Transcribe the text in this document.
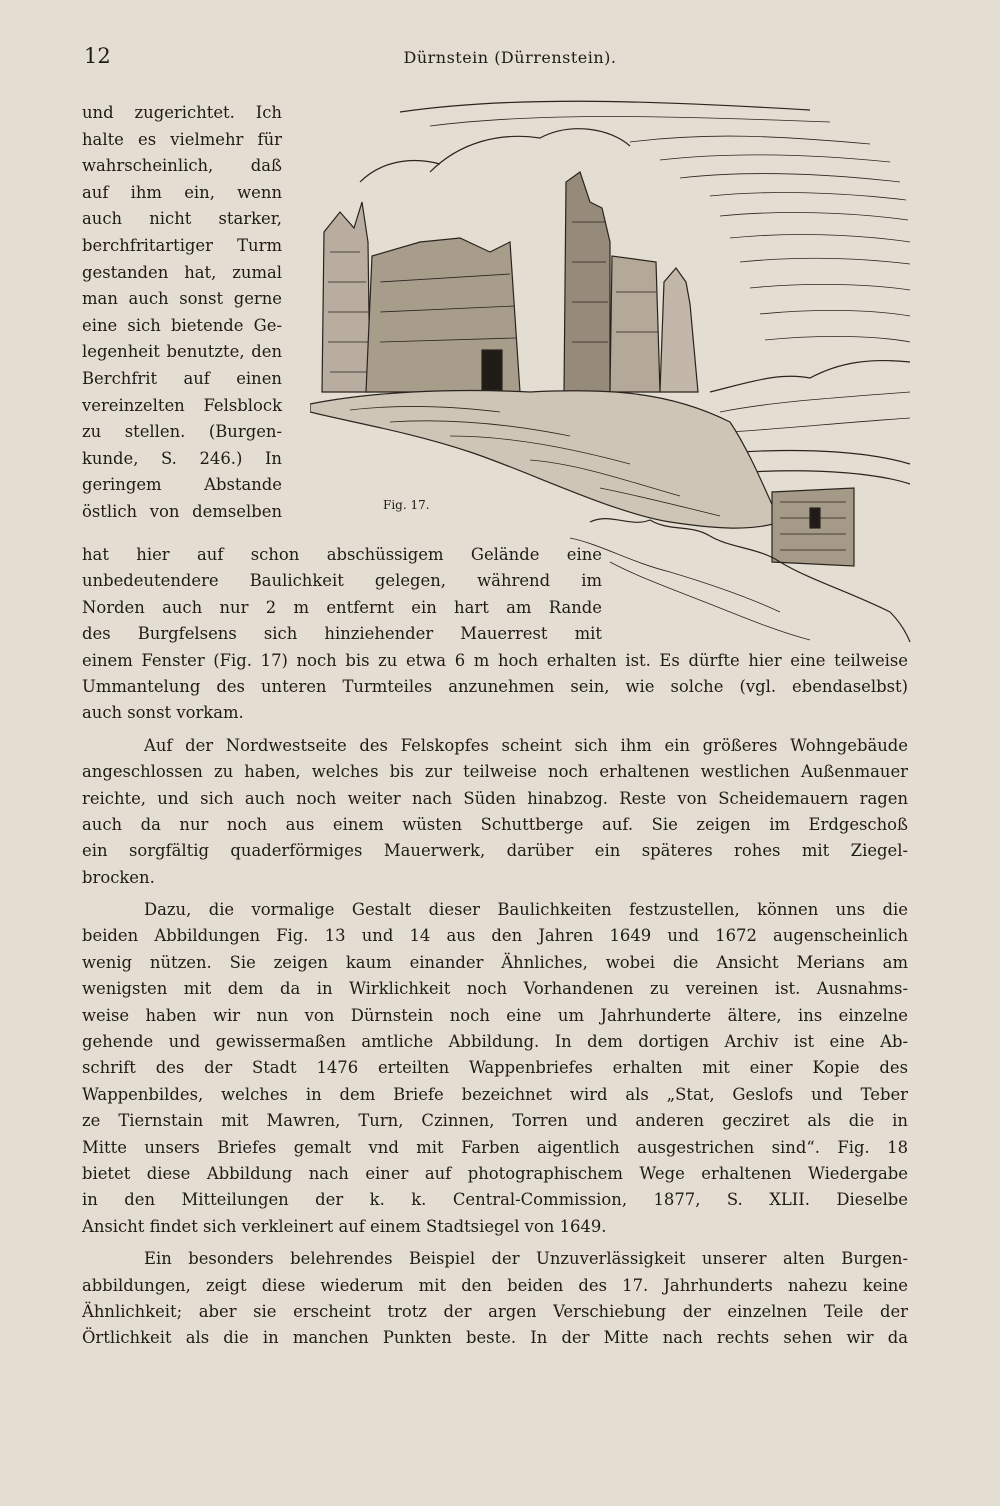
12	Dürnstein (Dürrenstein).
und zugerichtet. Ich
halte es vielmehr für
wahrscheinlich, daß
auf ihm ein, wenn
auch nicht starker,
berchfritartiger Turm
gestanden hat, zumal
man auch sonst gerne
eine sich bietende Ge-
legenheit benutzte, den
Berchfrit auf einen
vereinzelten Felsblock
zu stellen. (Burgen-
kunde, S. 246.) In
geringem Abstande
östlich von demselben	Fig. 17.
hat hier auf schon abschüssigem Gelände eine
unbedeutendere Baulichkeit gelegen, während im
Norden auch nur 2 m entfernt ein hart am Rande
des Burgfelsens sich hinziehender Mauerrest mit
einem Fenster (Fig. 17) noch bis zu etwa 6 m hoch erhalten ist. Es dürfte hier eine teilweise
Ummantelung des unteren Turmteiles anzunehmen sein, wie solche (vgl. ebendaselbst)
auch sonst vorkam.
Auf der Nordwestseite des Felskopfes scheint sich ihm ein größeres Wohngebäude
angeschlossen zu haben, welches bis zur teilweise noch erhaltenen westlichen Außenmauer
reichte, und sich auch noch weiter nach Süden hinabzog. Reste von Scheidemauern ragen
auch da nur noch aus einem wüsten Schuttberge auf. Sie zeigen im Erdgeschoß
ein sorgfältig quaderförmiges Mauerwerk, darüber ein späteres rohes mit Ziegel-
brocken.
Dazu, die vormalige Gestalt dieser Baulichkeiten festzustellen, können uns die
beiden Abbildungen Fig. 13 und 14 aus den Jahren 1649 und 1672 augenscheinlich
wenig nützen. Sie zeigen kaum einander Ähnliches, wobei die Ansicht Merians am
wenigsten mit dem da in Wirklichkeit noch Vorhandenen zu vereinen ist. Ausnahms-
weise haben wir nun von Dürnstein noch eine um Jahrhunderte ältere, ins einzelne
gehende und gewissermaßen amtliche Abbildung. In dem dortigen Archiv ist eine Ab-
schrift des der Stadt 1476 erteilten Wappenbriefes erhalten mit einer Kopie des
Wappenbildes, welches in dem Briefe bezeichnet wird als „Stat, Geslofs und Teber
ze Tiernstain mit Mawren, Turn, Czinnen, Torren und anderen gecziret als die in
Mitte unsers Briefes gemalt vnd mit Farben aigentlich ausgestrichen sind“. Fig. 18
bietet diese Abbildung nach einer auf photographischem Wege erhaltenen Wiedergabe
in den Mitteilungen der k. k. Central-Commission, 1877, S. XLII. Dieselbe
Ansicht findet sich verkleinert auf einem Stadtsiegel von 1649.
Ein besonders belehrendes Beispiel der Unzuverlässigkeit unserer alten Burgen-
abbildungen, zeigt diese wiederum mit den beiden des 17. Jahrhunderts nahezu keine
Ähnlichkeit; aber sie erscheint trotz der argen Verschiebung der einzelnen Teile der
Örtlichkeit als die in manchen Punkten beste. In der Mitte nach rechts sehen wir da
